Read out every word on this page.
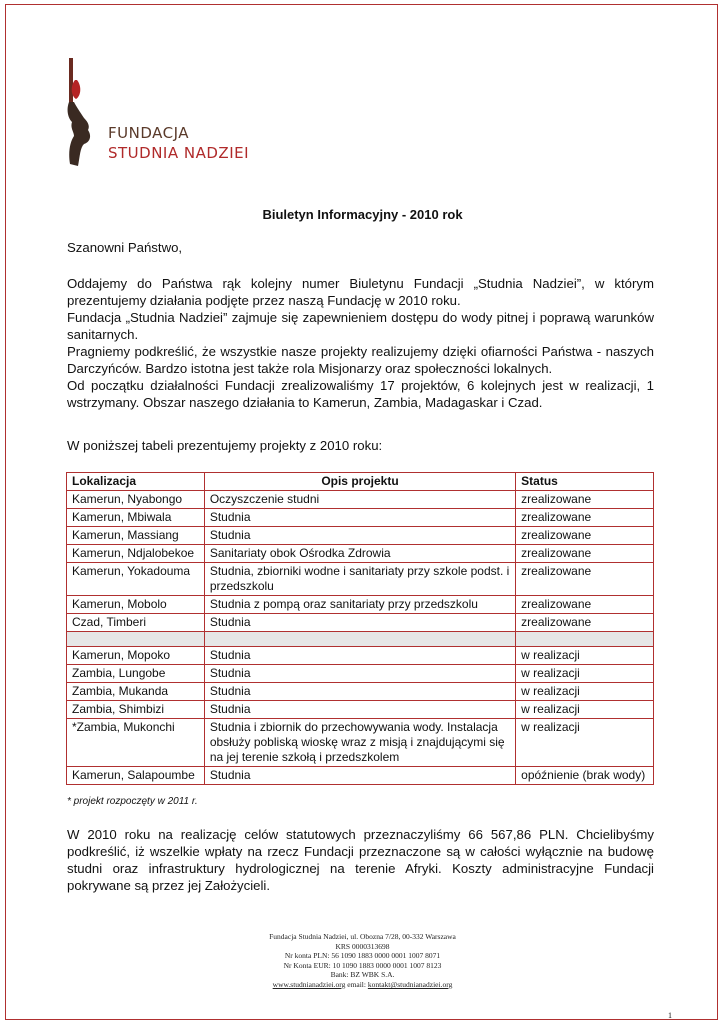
FUNDACJA
STUDNIA NADZIEI
Biuletyn Informacyjny - 2010 rok
Szanowni Państwo,

Oddajemy do Państwa rąk kolejny numer Biuletynu Fundacji „Studnia Nadziei”, w którym prezentujemy działania podjęte przez naszą Fundację w 2010 roku.

Fundacja „Studnia Nadziei” zajmuje się zapewnieniem dostępu do wody pitnej i poprawą warunków sanitarnych.

Pragniemy podkreślić, że wszystkie nasze projekty realizujemy dzięki ofiarności Państwa - naszych Darczyńców. Bardzo istotna jest także rola Misjonarzy oraz społeczności lokalnych.

Od początku działalności Fundacji zrealizowaliśmy 17 projektów, 6 kolejnych jest w realizacji, 1 wstrzymany. Obszar naszego działania to Kamerun, Zambia, Madagaskar i Czad.

W poniższej tabeli prezentujemy projekty z 2010 roku:
Lokalizacja	Opis projektu	Status
Kamerun, Nyabongo	Oczyszczenie studni	zrealizowane
Kamerun, Mbiwala	Studnia	zrealizowane
Kamerun, Massiang	Studnia	zrealizowane
Kamerun, Ndjalobekoe	Sanitariaty obok Ośrodka Zdrowia	zrealizowane
Kamerun, Yokadouma	Studnia, zbiorniki wodne i sanitariaty przy szkole podst. i przedszkolu	zrealizowane
Kamerun, Mobolo	Studnia z pompą oraz sanitariaty przy przedszkolu	zrealizowane
Czad, Timberi	Studnia	zrealizowane

Kamerun, Mopoko	Studnia	w realizacji
Zambia, Lungobe	Studnia	w realizacji
Zambia, Mukanda	Studnia	w realizacji
Zambia, Shimbizi	Studnia	w realizacji
*Zambia, Mukonchi	Studnia i zbiornik do przechowywania wody. Instalacja obsłuży pobliską wioskę wraz z misją i znajdującymi się na jej terenie szkołą i przedszkolem	w realizacji
Kamerun, Salapoumbe	Studnia	opóźnienie (brak wody)
* projekt rozpoczęty w 2011 r.
W 2010 roku na realizację celów statutowych przeznaczyliśmy 66 567,86 PLN. Chcielibyśmy podkreślić, iż wszelkie wpłaty na rzecz Fundacji przeznaczone są w całości wyłącznie na budowę studni oraz infrastruktury hydrologicznej na terenie Afryki. Koszty administracyjne Fundacji pokrywane są przez jej Założycieli.
Fundacja Studnia Nadziei, ul. Obozna 7/28, 00-332 Warszawa
KRS 0000313698
Nr konta PLN: 56 1090 1883 0000 0001 1007 8071
Nr Konta EUR: 10 1090 1883 0000 0001 1007 8123
Bank: BZ WBK S.A.
www.studnianadziei.org email: kontakt@studnianadziei.org
1
